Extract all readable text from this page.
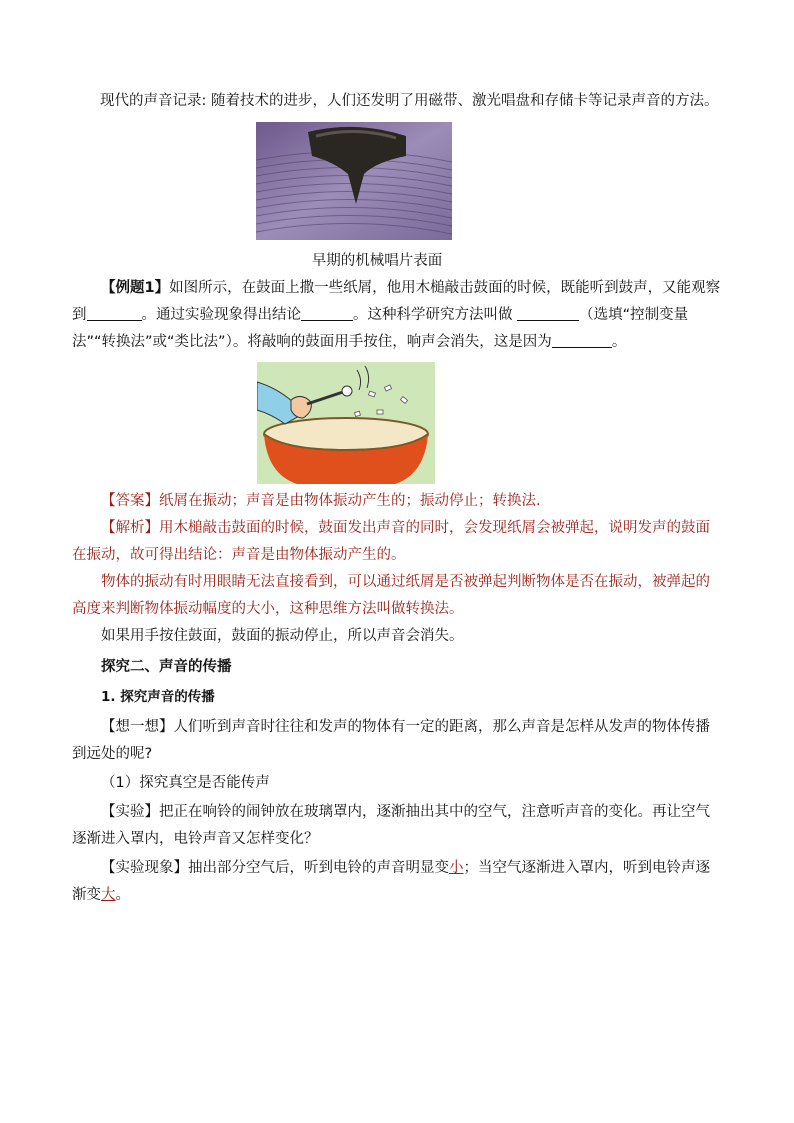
现代的声音记录: 随着技术的进步，人们还发明了用磁带、激光唱盘和存储卡等记录声音的方法。

早期的机械唱片表面

【例题1】如图所示，在鼓面上撒一些纸屑，他用木槌敲击鼓面的时候，既能听到鼓声，又能观察到	。通过实验现象得出结论	。这种科学研究方法叫做	（选填“控制变量法”“转换法”或“类比法”）。将敲响的鼓面用手按住，响声会消失，这是因为	。

【答案】纸屑在振动；声音是由物体振动产生的；振动停止；转换法.

【解析】用木槌敲击鼓面的时候，鼓面发出声音的同时，会发现纸屑会被弹起，说明发声的鼓面在振动，故可得出结论：声音是由物体振动产生的。

物体的振动有时用眼睛无法直接看到，可以通过纸屑是否被弹起判断物体是否在振动，被弹起的高度来判断物体振动幅度的大小，这种思维方法叫做转换法。

如果用手按住鼓面，鼓面的振动停止，所以声音会消失。

探究二、声音的传播

1. 探究声音的传播

【想一想】人们听到声音时往往和发声的物体有一定的距离，那么声音是怎样从发声的物体传播到远处的呢?

（1）探究真空是否能传声

【实验】把正在响铃的闹钟放在玻璃罩内，逐渐抽出其中的空气，注意听声音的变化。再让空气逐渐进入罩内，电铃声音又怎样变化？

【实验现象】抽出部分空气后，听到电铃的声音明显变小；当空气逐渐进入罩内，听到电铃声逐渐变大。
